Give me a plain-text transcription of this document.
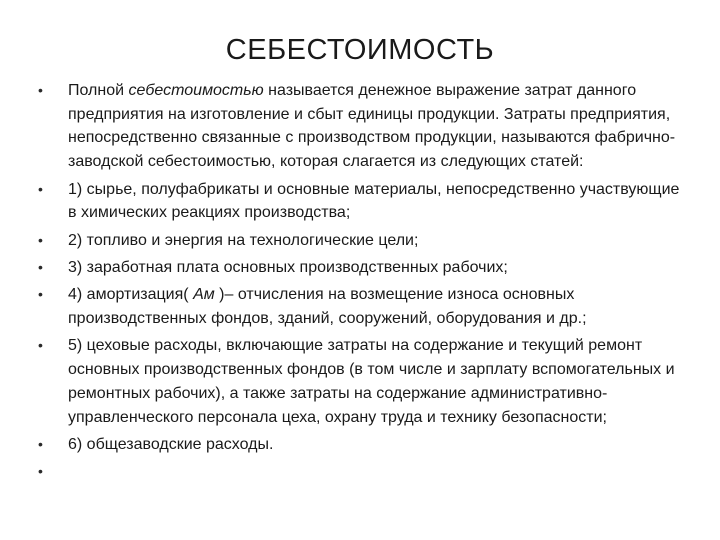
СЕБЕСТОИМОСТЬ
•	Полной себестоимостью называется денежное выражение затрат данного предприятия на изготовление и сбыт единицы продукции. Затраты предприятия, непосредственно связанные с производством продукции, называются фабрично-заводской себестоимостью, которая слагается из следующих статей:
•	1) сырье, полуфабрикаты и основные материалы, непосредственно участвующие в химических реакциях производства;
•	2) топливо и энергия на технологические цели;
•	3) заработная плата основных производственных рабочих;
•	4) амортизация( Ам )– отчисления на возмещение износа основных производственных фондов, зданий, сооружений, оборудования и др.;
•	5) цеховые расходы, включающие затраты на содержание и текущий ремонт основных производственных фондов (в том числе и зарплату вспомогательных и ремонтных рабочих), а также затраты на содержание административно-управленческого персонала цеха, охрану труда и технику безопасности;
•	6) общезаводские расходы.
•
